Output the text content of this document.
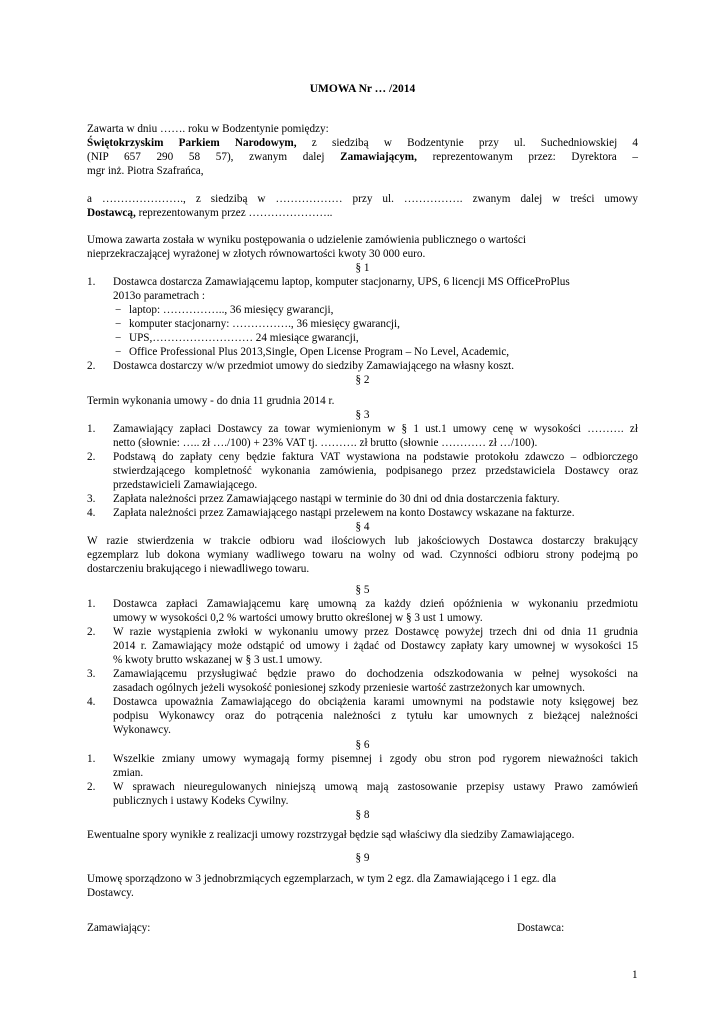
UMOWA Nr … /2014
Zawarta w dniu ……. roku w Bodzentynie pomiędzy:
Świętokrzyskim Parkiem Narodowym, z siedzibą w Bodzentynie przy ul. Suchedniowskiej 4
(NIP 657 290 58 57), zwanym dalej Zamawiającym, reprezentowanym przez: Dyrektora –
mgr inż. Piotra Szafrańca,
a …………………., z siedzibą w ……………… przy ul. ……………. zwanym dalej w treści umowy
Dostawcą, reprezentowanym przez …………………..
Umowa zawarta została w wyniku postępowania o udzielenie zamówienia publicznego o wartości
nieprzekraczającej wyrażonej w złotych równowartości kwoty 30 000 euro.
§ 1
1. Dostawca dostarcza Zamawiającemu laptop, komputer stacjonarny, UPS, 6 licencji MS OfficeProPlus
2013o parametrach :
− laptop: …………….., 36 miesięcy gwarancji,
− komputer stacjonarny: ……………., 36 miesięcy gwarancji,
− UPS,……………………… 24 miesiące gwarancji,
− Office Professional Plus 2013,Single, Open License Program – No Level, Academic,
2. Dostawca dostarczy w/w przedmiot umowy do siedziby Zamawiającego na własny koszt.
§ 2
Termin wykonania umowy - do dnia 11 grudnia 2014 r.
§ 3
1. Zamawiający zapłaci Dostawcy za towar wymienionym w § 1 ust.1 umowy cenę w wysokości ………. zł
netto (słownie: ….. zł …./100) + 23% VAT tj. ………. zł brutto (słownie ………… zł …/100).
2. Podstawą do zapłaty ceny będzie faktura VAT wystawiona na podstawie protokołu zdawczo – odbiorczego
stwierdzającego kompletność wykonania zamówienia, podpisanego przez przedstawiciela Dostawcy oraz
przedstawicieli Zamawiającego.
3. Zapłata należności przez Zamawiającego nastąpi w terminie do 30 dni od dnia dostarczenia faktury.
4. Zapłata należności przez Zamawiającego nastąpi przelewem na konto Dostawcy wskazane na fakturze.
§ 4
W razie stwierdzenia w trakcie odbioru wad ilościowych lub jakościowych Dostawca dostarczy brakujący
egzemplarz lub dokona wymiany wadliwego towaru na wolny od wad. Czynności odbioru strony podejmą po
dostarczeniu brakującego i niewadliwego towaru.
§ 5
1. Dostawca zapłaci Zamawiającemu karę umowną za każdy dzień opóźnienia w wykonaniu przedmiotu
umowy w wysokości 0,2 % wartości umowy brutto określonej w § 3 ust 1 umowy.
2. W razie wystąpienia zwłoki w wykonaniu umowy przez Dostawcę powyżej trzech dni od dnia 11 grudnia
2014 r. Zamawiający może odstąpić od umowy i żądać od Dostawcy zapłaty kary umownej w wysokości 15
% kwoty brutto wskazanej w § 3 ust.1 umowy.
3. Zamawiającemu przysługiwać będzie prawo do dochodzenia odszkodowania w pełnej wysokości na
zasadach ogólnych jeżeli wysokość poniesionej szkody przeniesie wartość zastrzeżonych kar umownych.
4. Dostawca upoważnia Zamawiającego do obciążenia karami umownymi na podstawie noty księgowej bez
podpisu Wykonawcy oraz do potrącenia należności z tytułu kar umownych z bieżącej należności
Wykonawcy.
§ 6
1. Wszelkie zmiany umowy wymagają formy pisemnej i zgody obu stron pod rygorem nieważności takich
zmian.
2. W sprawach nieuregulowanych niniejszą umową mają zastosowanie przepisy ustawy Prawo zamówień
publicznych i ustawy Kodeks Cywilny.
§ 8
Ewentualne spory wynikłe z realizacji umowy rozstrzygał będzie sąd właściwy dla siedziby Zamawiającego.
§ 9
Umowę sporządzono w 3 jednobrzmiących egzemplarzach, w tym 2 egz. dla Zamawiającego i 1 egz. dla
Dostawcy.
Zamawiający:	Dostawca:
1
